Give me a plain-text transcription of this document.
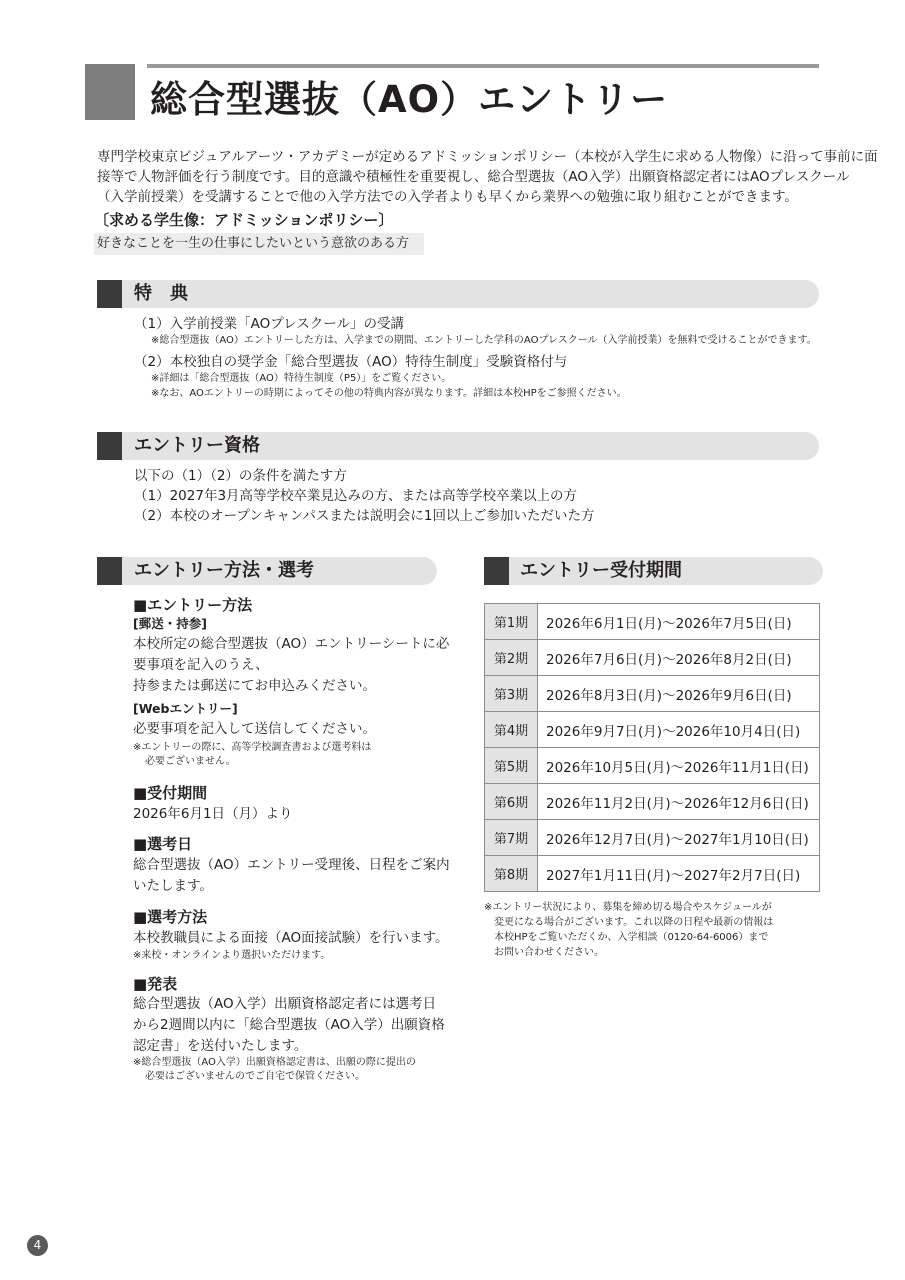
総合型選抜（AO）エントリー

専門学校東京ビジュアルアーツ・アカデミーが定めるアドミッションポリシー（本校が入学生に求める人物像）に沿って事前に面

接等で人物評価を行う制度です。目的意識や積極性を重要視し、総合型選抜（AO入学）出願資格認定者にはAOプレスクール

（入学前授業）を受講することで他の入学方法での入学者よりも早くから業界への勉強に取り組むことができます。

〔求める学生像：アドミッションポリシー〕
好きなことを一生の仕事にしたいという意欲のある方
特　典
（1）入学前授業「AOプレスクール」の受講
※総合型選抜（AO）エントリーした方は、入学までの期間、エントリーした学科のAOプレスクール（入学前授業）を無料で受けることができます。
（2）本校独自の奨学金「総合型選抜（AO）特待生制度」受験資格付与
※詳細は「総合型選抜（AO）特待生制度（P5）」をご覧ください。
※なお、AOエントリーの時期によってその他の特典内容が異なります。詳細は本校HPをご参照ください。
エントリー資格
以下の（1）（2）の条件を満たす方
（1）2027年3月高等学校卒業見込みの方、または高等学校卒業以上の方
（2）本校のオープンキャンパスまたは説明会に1回以上ご参加いただいた方
エントリー方法・選考
■エントリー方法
[郵送・持参]
本校所定の総合型選抜（AO）エントリーシートに必
要事項を記入のうえ、
持参または郵送にてお申込みください。
[Webエントリー]
必要事項を記入して送信してください。
※エントリーの際に、高等学校調査書および選考料は
必要ございません。
■受付期間
2026年6月1日（月）より
■選考日
総合型選抜（AO）エントリー受理後、日程をご案内
いたします。
■選考方法
本校教職員による面接（AO面接試験）を行います。
※来校・オンラインより選択いただけます。
■発表
総合型選抜（AO入学）出願資格認定者には選考日
から2週間以内に「総合型選抜（AO入学）出願資格
認定書」を送付いたします。
※総合型選抜（AO入学）出願資格認定書は、出願の際に提出の
必要はございませんのでご自宅で保管ください。
エントリー受付期間
第1期	2026年6月1日(月)～2026年7月5日(日)
第2期	2026年7月6日(月)～2026年8月2日(日)
第3期	2026年8月3日(月)～2026年9月6日(日)
第4期	2026年9月7日(月)～2026年10月4日(日)
第5期	2026年10月5日(月)～2026年11月1日(日)
第6期	2026年11月2日(月)～2026年12月6日(日)
第7期	2026年12月7日(月)～2027年1月10日(日)
第8期	2027年1月11日(月)～2027年2月7日(日)
※エントリー状況により、募集を締め切る場合やスケジュールが
変更になる場合がございます。これ以降の日程や最新の情報は
本校HPをご覧いただくか、入学相談（0120-64-6006）まで
お問い合わせください。
4
